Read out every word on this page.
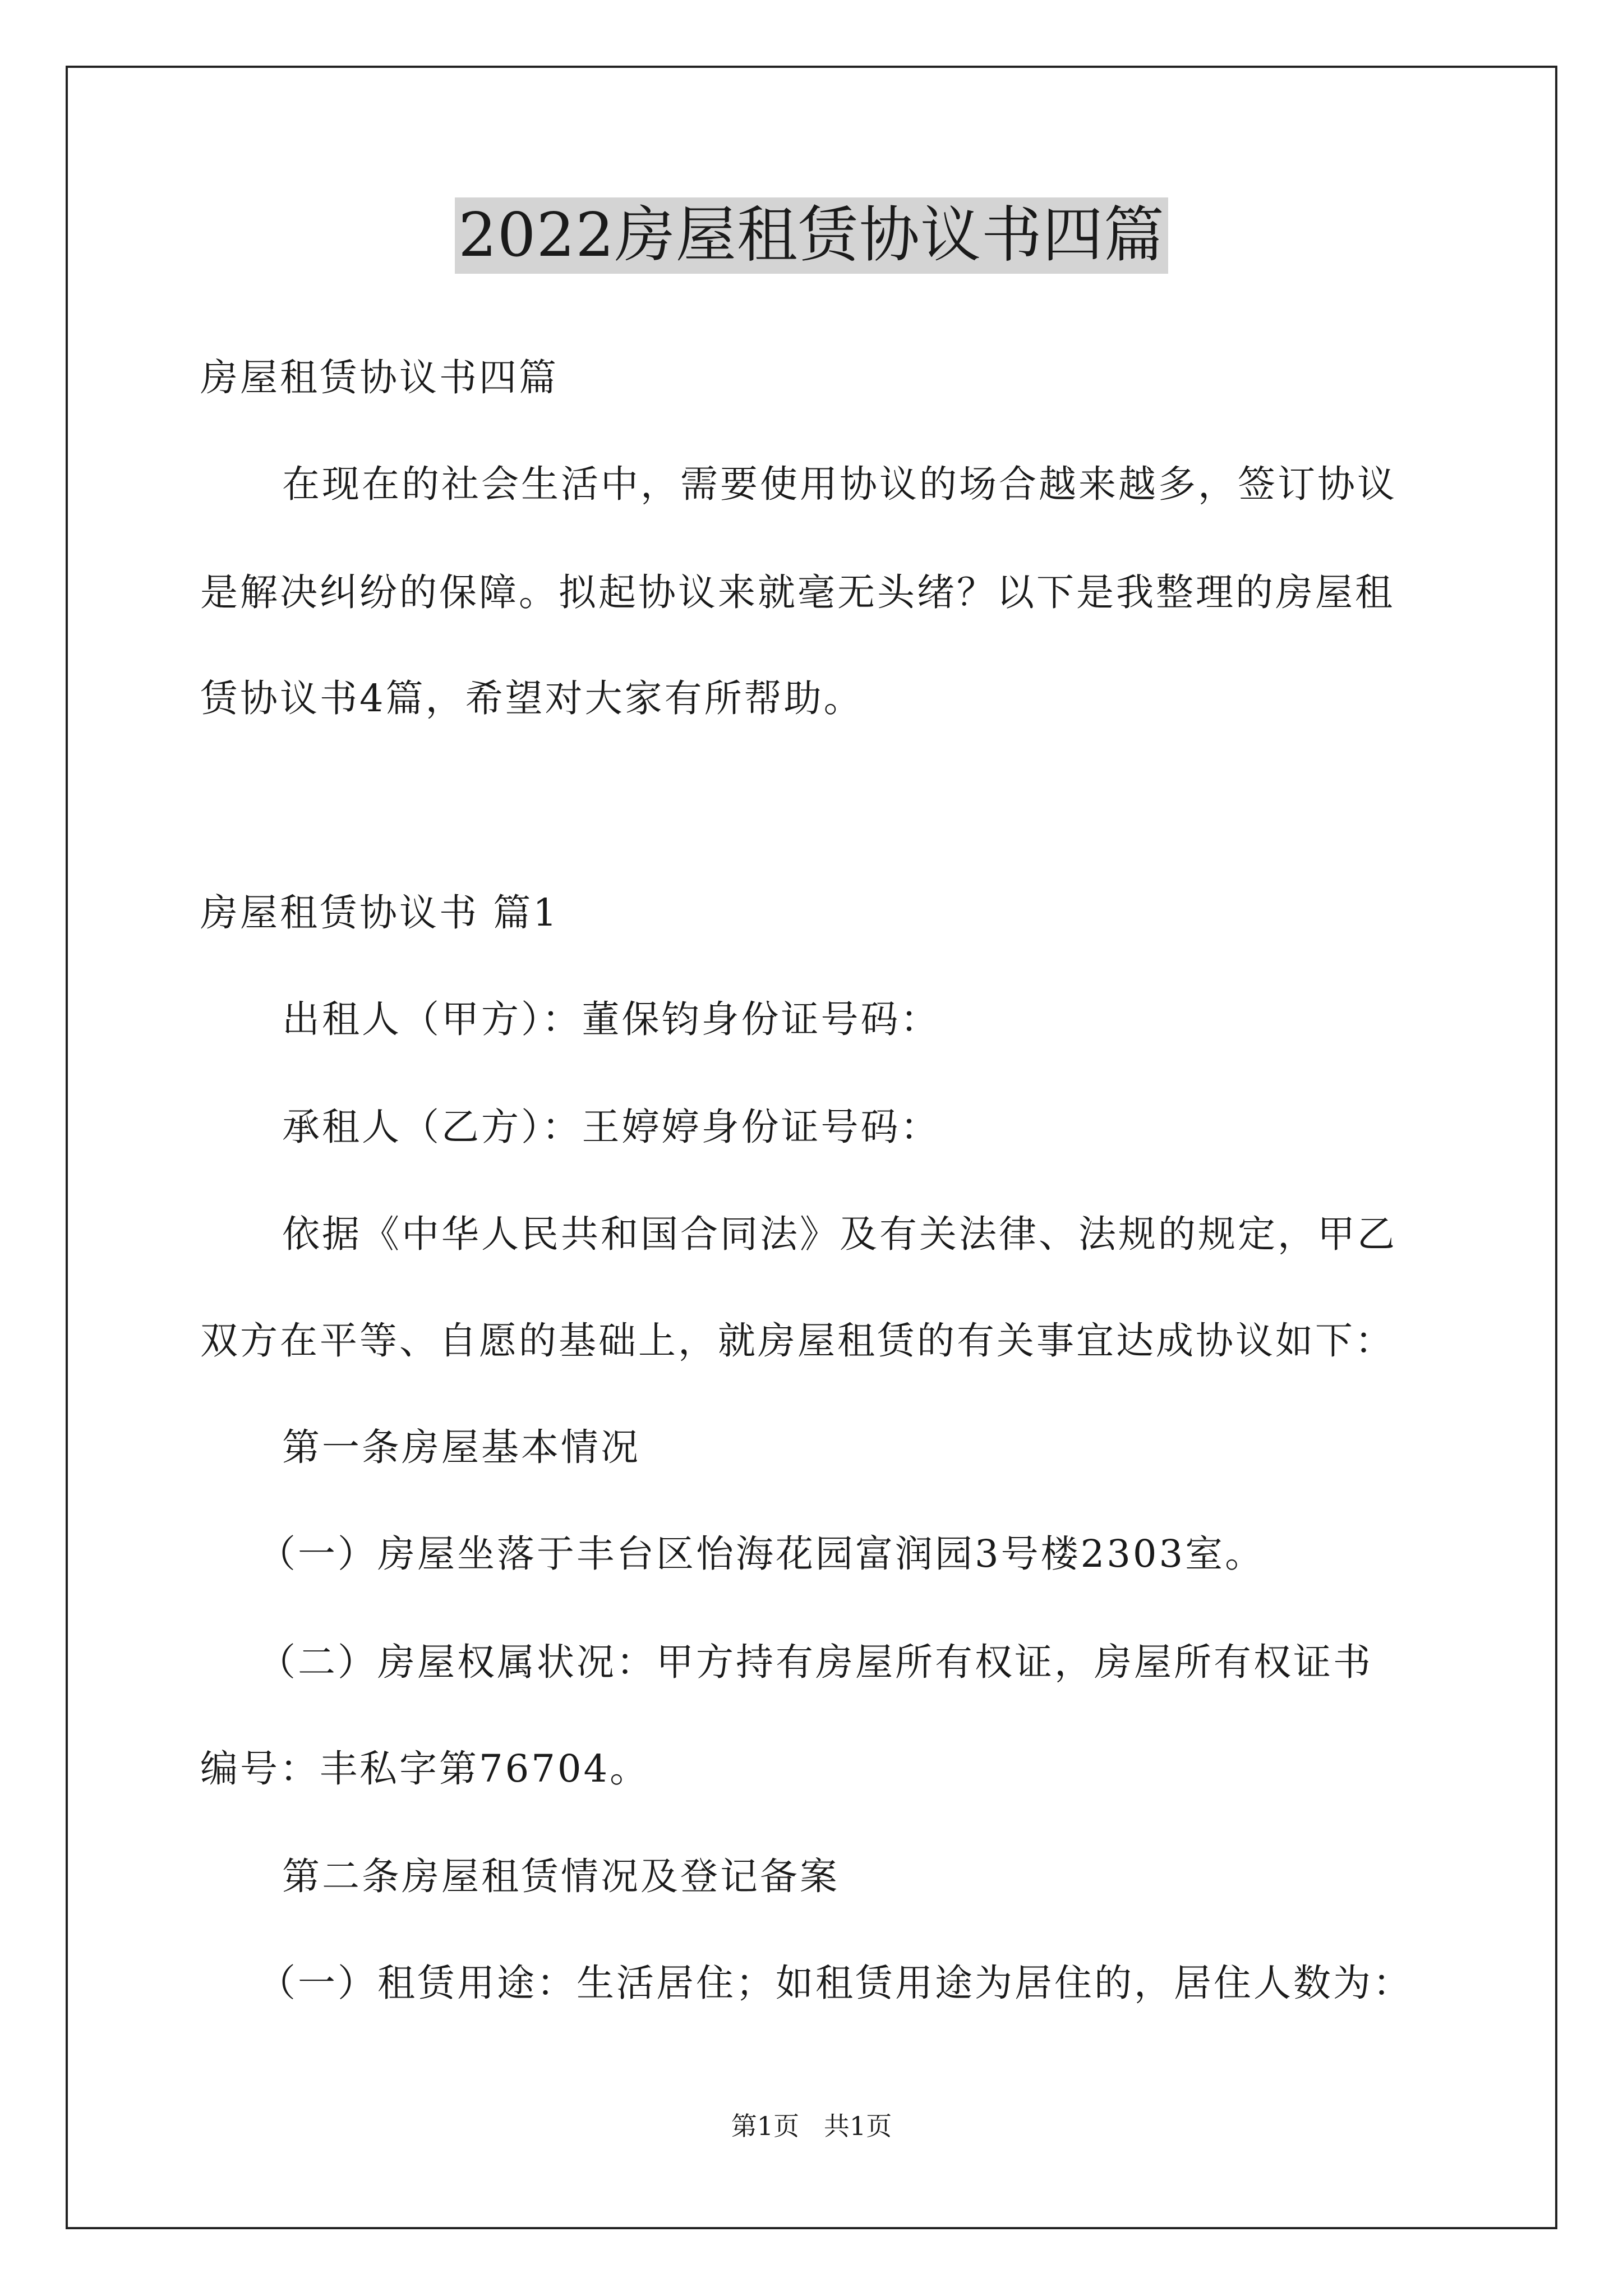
2022房屋租赁协议书四篇
房屋租赁协议书四篇
在现在的社会生活中，需要使用协议的场合越来越多，签订协议
是解决纠纷的保障。拟起协议来就毫无头绪？以下是我整理的房屋租
赁协议书4篇，希望对大家有所帮助。
房屋租赁协议书 篇1
出租人（甲方）：董保钧身份证号码：
承租人（乙方）：王婷婷身份证号码：
依据《中华人民共和国合同法》及有关法律、法规的规定，甲乙
双方在平等、自愿的基础上，就房屋租赁的有关事宜达成协议如下：
第一条房屋基本情况
（一）房屋坐落于丰台区怡海花园富润园3号楼2303室。
（二）房屋权属状况：甲方持有房屋所有权证，房屋所有权证书
编号：丰私字第76704。
第二条房屋租赁情况及登记备案
（一）租赁用途：生活居住；如租赁用途为居住的，居住人数为：
第1页   共1页
